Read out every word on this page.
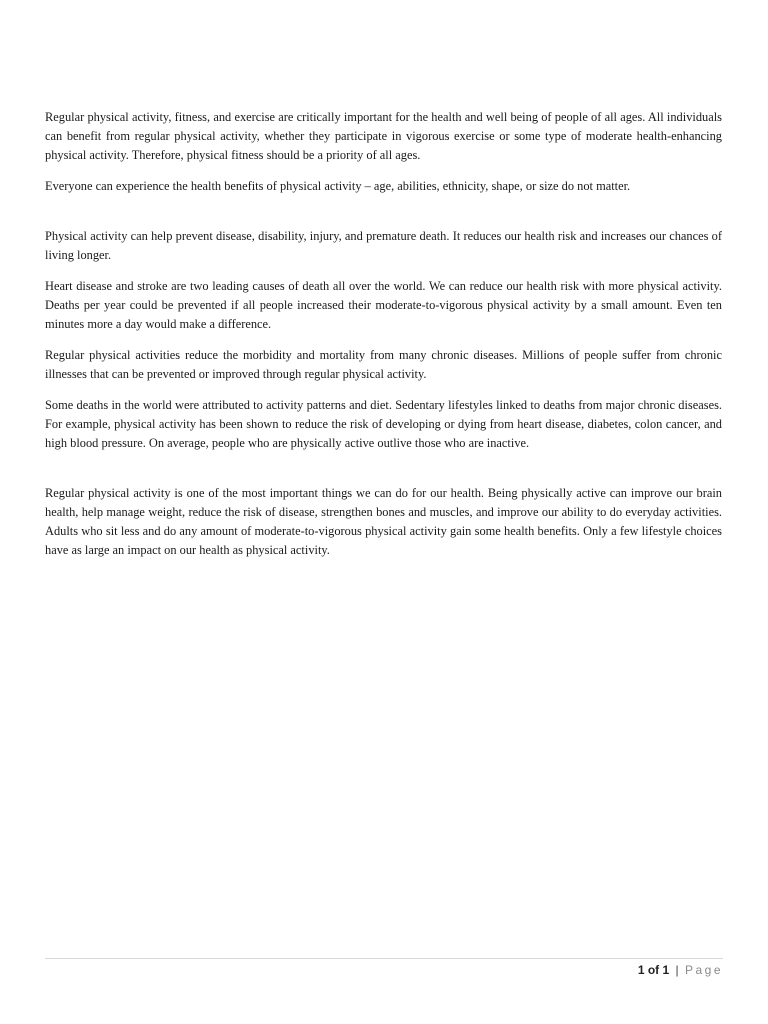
Regular physical activity, fitness, and exercise are critically important for the health and well being of people of all ages. All individuals can benefit from regular physical activity, whether they participate in vigorous exercise or some type of moderate health-enhancing physical activity. Therefore, physical fitness should be a priority of all ages.

Everyone can experience the health benefits of physical activity – age, abilities, ethnicity, shape, or size do not matter.

Physical activity can help prevent disease, disability, injury, and premature death. It reduces our health risk and increases our chances of living longer.

Heart disease and stroke are two leading causes of death all over the world. We can reduce our health risk with more physical activity. Deaths per year could be prevented if all people increased their moderate-to-vigorous physical activity by a small amount. Even ten minutes more a day would make a difference.

Regular physical activities reduce the morbidity and mortality from many chronic diseases. Millions of people suffer from chronic illnesses that can be prevented or improved through regular physical activity.

Some deaths in the world were attributed to activity patterns and diet. Sedentary lifestyles linked to deaths from major chronic diseases. For example, physical activity has been shown to reduce the risk of developing or dying from heart disease, diabetes, colon cancer, and high blood pressure. On average, people who are physically active outlive those who are inactive.

Regular physical activity is one of the most important things we can do for our health. Being physically active can improve our brain health, help manage weight, reduce the risk of disease, strengthen bones and muscles, and improve our ability to do everyday activities. Adults who sit less and do any amount of moderate-to-vigorous physical activity gain some health benefits. Only a few lifestyle choices have as large an impact on our health as physical activity.

1 of 1 | Page
